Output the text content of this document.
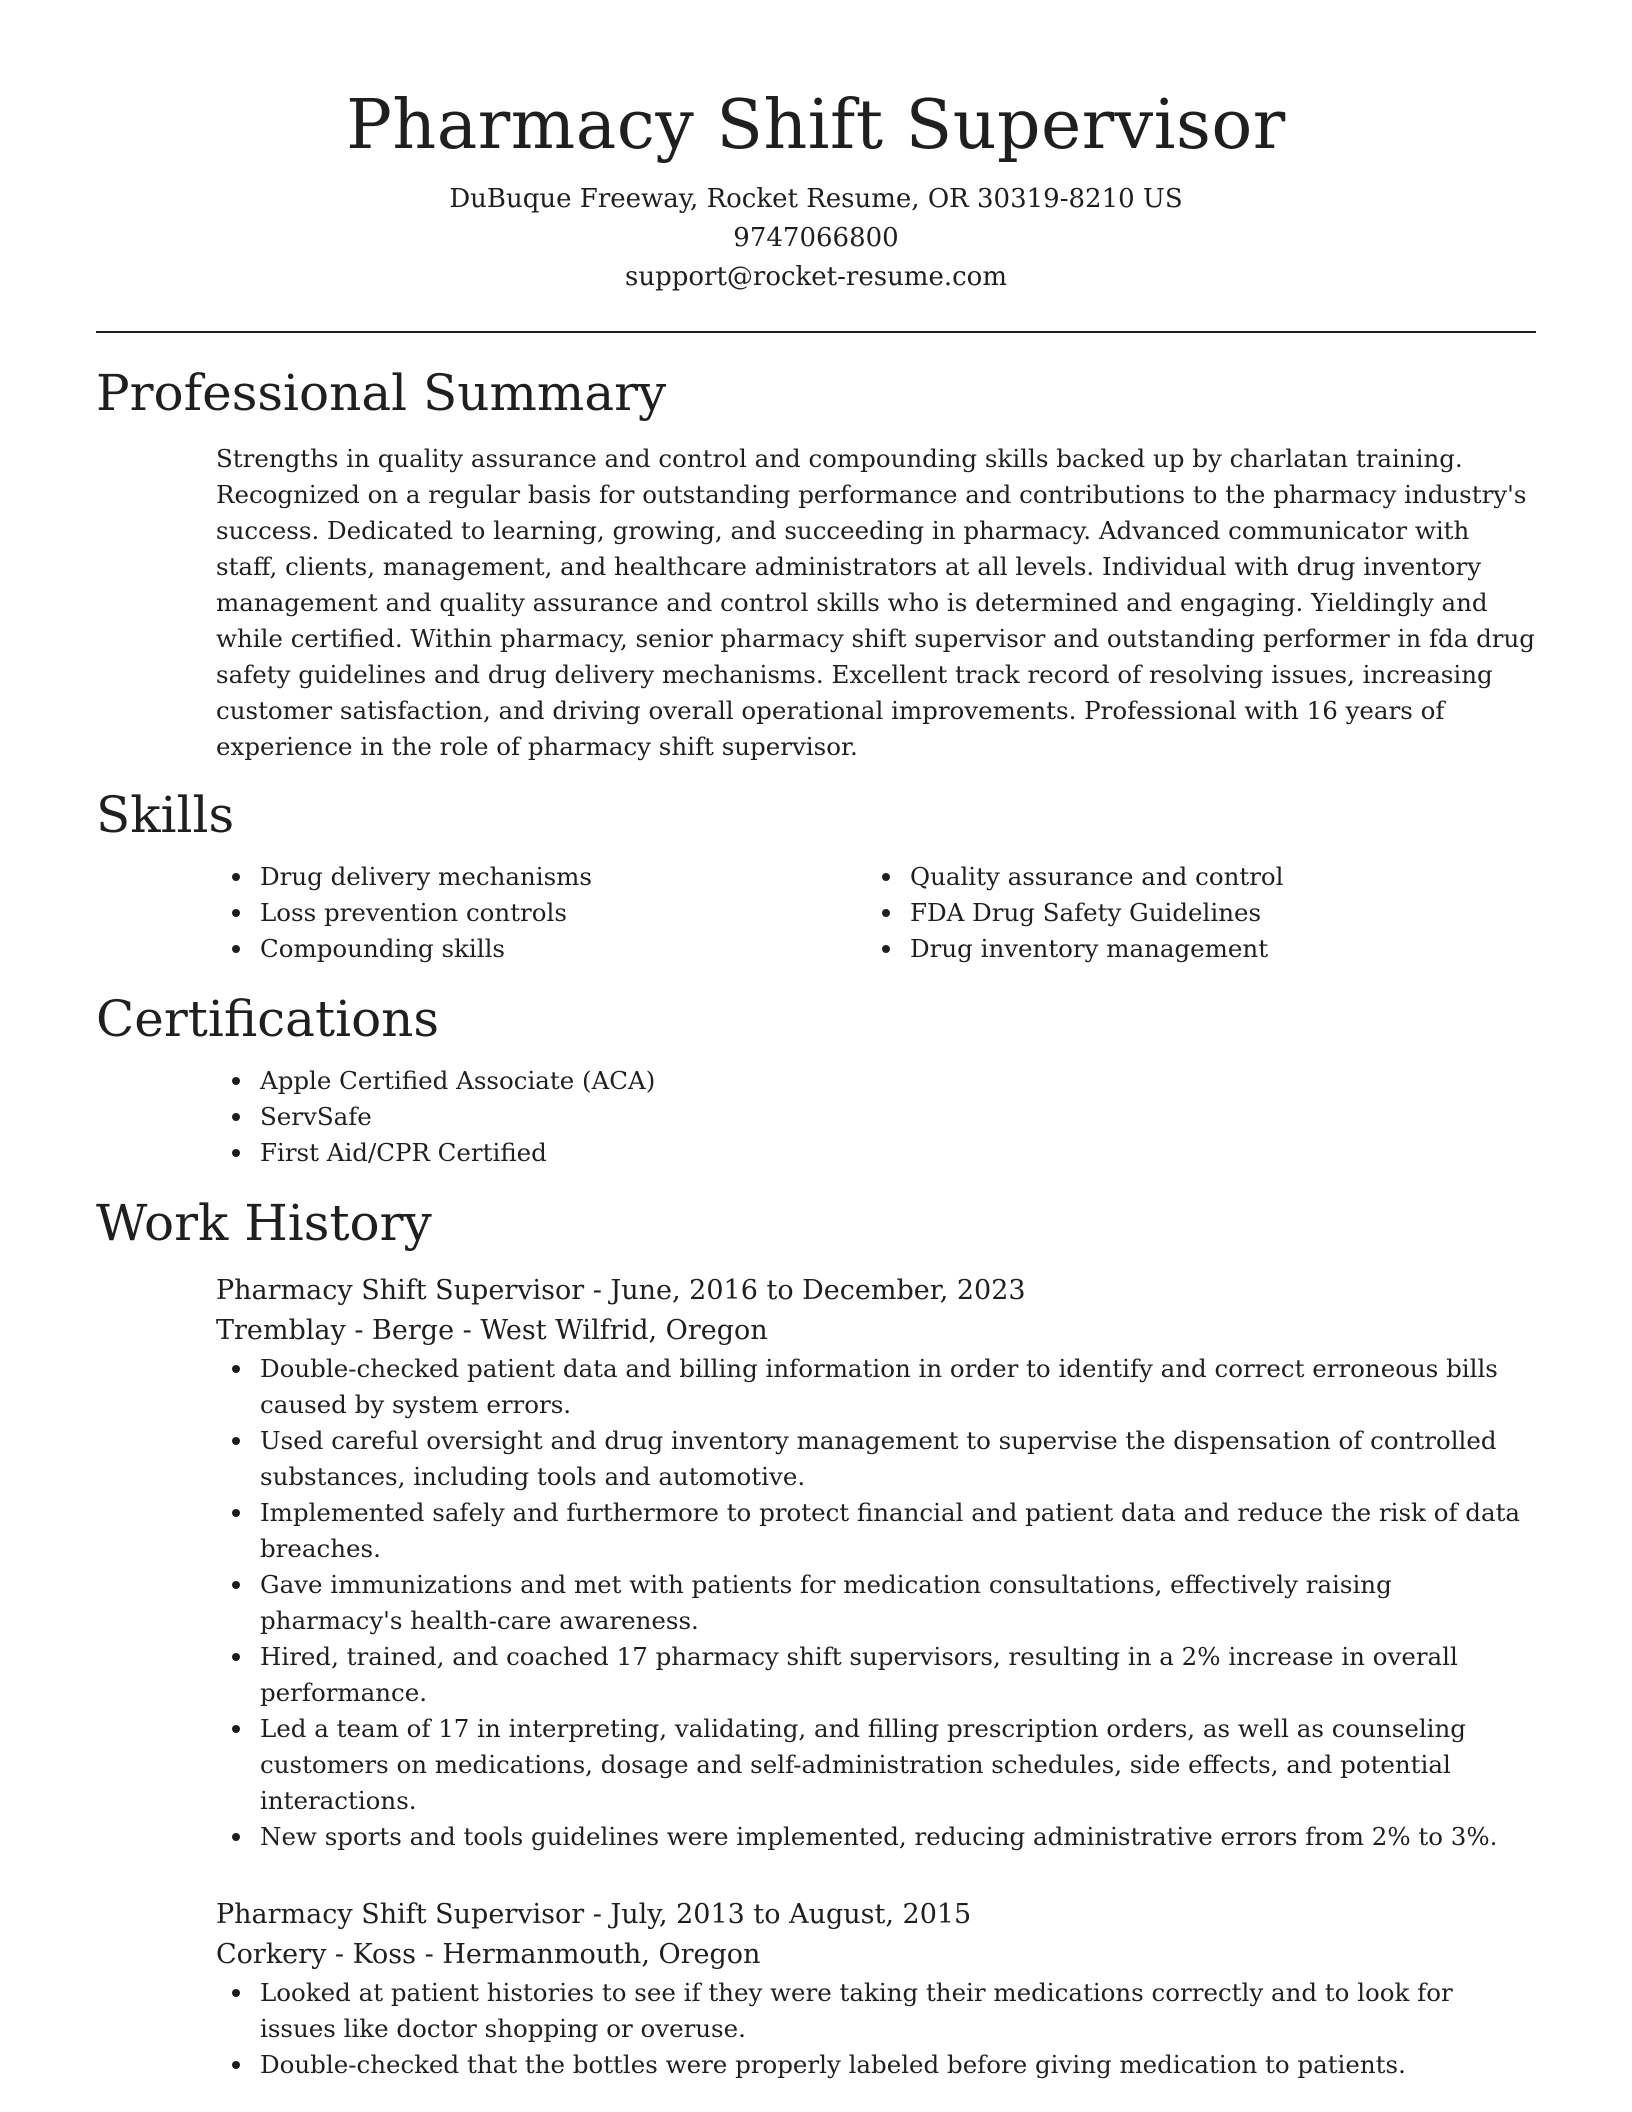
Pharmacy Shift Supervisor

DuBuque Freeway, Rocket Resume, OR 30319-8210 US

9747066800

support@rocket-resume.com

Professional Summary

Strengths in quality assurance and control and compounding skills backed up by charlatan training. Recognized on a regular basis for outstanding performance and contributions to the pharmacy industry's success. Dedicated to learning, growing, and succeeding in pharmacy. Advanced communicator with staff, clients, management, and healthcare administrators at all levels. Individual with drug inventory management and quality assurance and control skills who is determined and engaging. Yieldingly and while certified. Within pharmacy, senior pharmacy shift supervisor and outstanding performer in fda drug safety guidelines and drug delivery mechanisms. Excellent track record of resolving issues, increasing customer satisfaction, and driving overall operational improvements. Professional with 16 years of experience in the role of pharmacy shift supervisor.

Skills
Drug delivery mechanisms
Loss prevention controls
Compounding skills
Quality assurance and control
FDA Drug Safety Guidelines
Drug inventory management
Certifications
Apple Certified Associate (ACA)
ServSafe
First Aid/CPR Certified
Work History

Pharmacy Shift Supervisor - June, 2016 to December, 2023

Tremblay - Berge - West Wilfrid, Oregon

Double-checked patient data and billing information in order to identify and correct erroneous bills caused by system errors.
Used careful oversight and drug inventory management to supervise the dispensation of controlled substances, including tools and automotive.
Implemented safely and furthermore to protect financial and patient data and reduce the risk of data breaches.
Gave immunizations and met with patients for medication consultations, effectively raising pharmacy's health-care awareness.
Hired, trained, and coached 17 pharmacy shift supervisors, resulting in a 2% increase in overall performance.
Led a team of 17 in interpreting, validating, and filling prescription orders, as well as counseling customers on medications, dosage and self-administration schedules, side effects, and potential interactions.
New sports and tools guidelines were implemented, reducing administrative errors from 2% to 3%.

Pharmacy Shift Supervisor - July, 2013 to August, 2015

Corkery - Koss - Hermanmouth, Oregon

Looked at patient histories to see if they were taking their medications correctly and to look for issues like doctor shopping or overuse.
Double-checked that the bottles were properly labeled before giving medication to patients.
